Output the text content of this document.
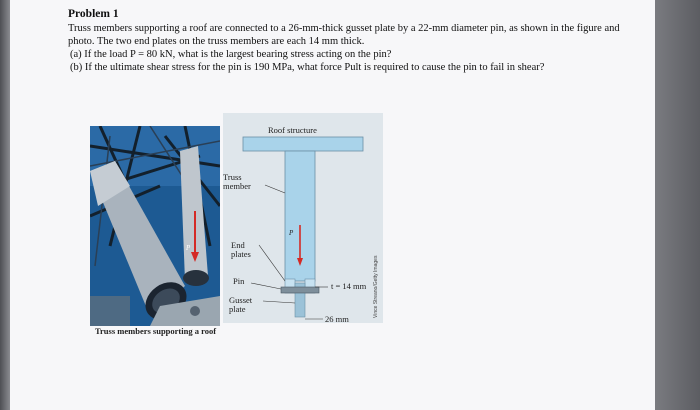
Problem 1

Truss members supporting a roof are connected to a 26-mm-thick gusset plate by a 22-mm diameter pin, as shown in the figure and photo. The two end plates on the truss members are each 14 mm thick.

(a) If the load P = 80 kN, what is the largest bearing stress acting on the pin?

(b) If the ultimate shear stress for the pin is 190 MPa, what force Pult is required to cause the pin to fail in shear?

P
Truss members supporting a roof
P
Roof structure
Truss member
End plates
Pin
Gusset plate
t = 14 mm
26 mm
Vince Streano/Getty Images
